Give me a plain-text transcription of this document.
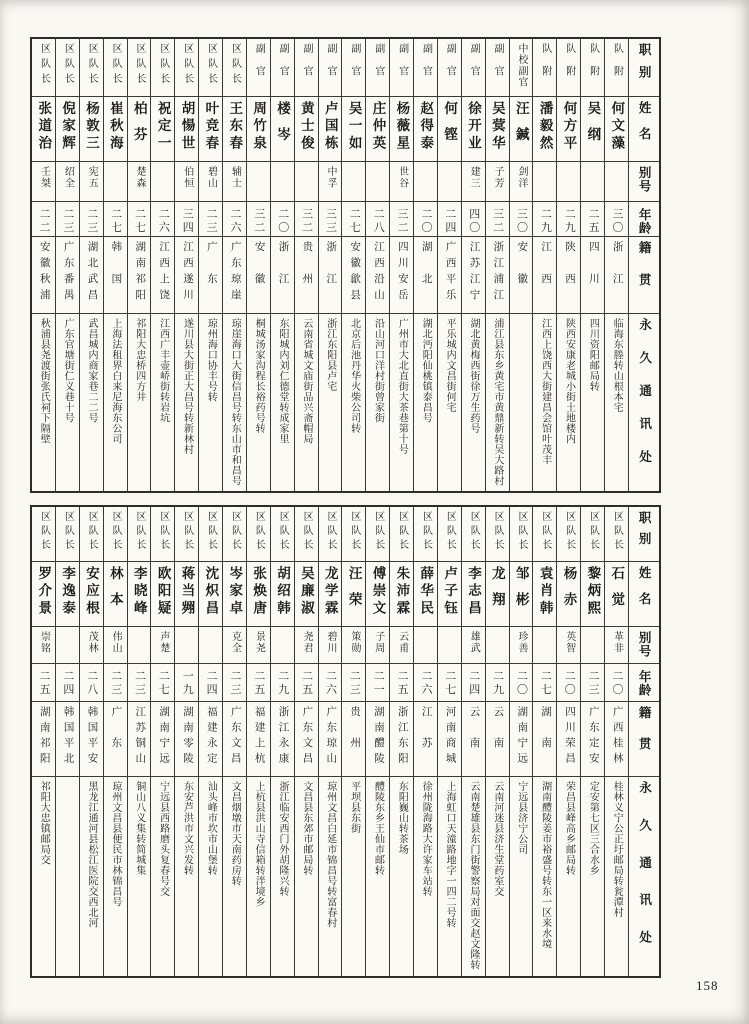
区队长
张道治
壬桀
二二
安徽秋浦
秋浦县尧渡街张氏祠下隔壁
区队长
倪家辉
绍全
二三
广东番禺
广东官塘街仁义巷十号
区队长
杨敦三
宪五
二三
湖北武昌
武昌城内商家巷二二号
区队长
崔秋海
二七
韩国
上海法租界白来尼海东公司
区队长
柏芬
楚森
二七
湖南祁阳
祁阳大忠桥四方井
区队长
祝定一
二六
江西上饶
江西广丰壶峤街转岩坑
区队长
胡愓世
伯恒
三四
江西遂川
遂川县大街正大昌号转新林村
区队长
叶竞春
碧山
二三
广东
琼州海口协丰号转
区队长
王东春
辅士
二六
广东琼崖
琼崖海口大街信昌号转东山市和昌号
副官
周竹泉
三二
安徽
桐城汤家沟程长裕药号转
副官
楼岑
二〇
浙江
东阳城内刘仁德堂转成家里
副官
黄士俊
三二
贵州
云南省城文庙街品兴斋帽局
副官
卢国栋
中孚
三三
浙江
浙江东阳县卢宅
副官
吴一如
二七
安徽歙县
北京后池丹华火柴公司转
副官
庄仲英
二八
江西沿山
沿山河口洋村街曾家街
副官
杨薇星
世谷
三二
四川安岳
广州市大北直街大茶巷第十号
副官
赵得泰
二〇
湖北
湖北沔阳仙桃镇泰昌号
副官
何铿
二四
广西平乐
平乐城内文昌街何宅
副官
徐开业
建三
四〇
江苏江宁
湖北黄梅西街徐万生药号
副官
吴蓂华
子芳
三二
浙江浦江
浦江县东乡黄宅市黄鼎新转吴大路村
中校副官
汪鍼
剑洋
三〇
安徽
队附
潘毅然
二九
江西
江西上饶西大街建昌会馆叶茂丰
队附
何方平
二九
陕西
陕西安康老城小街土地楼内
队附
吴纲
二五
四川
四川资阳邮局转
队附
何文藻
三〇
浙江
临海东塍转山根本宅
职别
姓名
别号
年龄
籍贯
永久通讯处
区队长
罗介景
崇铭
二五
湖南祁阳
祁阳大忠镇邮局交
区队长
李逸泰
二四
韩国平北
区队长
安应根
茂林
二八
韩国平安
黑龙江通河县松江医院交西北河
区队长
林本
伟山
二三
广东
琼州文昌县便民市林锦昌号
区队长
李晓峰
二三
江苏铜山
铜山八义集转简城集
区队长
欧阳疑
声楚
二七
湖南宁远
宁远县西路磨头复春号交
区队长
蒋当翙
一九
湖南零陵
东安芦洪市文兴发转
区队长
沈炽昌
二四
福建永定
汕头峰市坎市山堡转
区队长
岑家卓
克全
二三
广东文昌
文昌烟墩市天南药房转
区队长
张焕唐
景尧
二五
福建上杭
上杭县洪山寺信箱转泮境乡
区队长
胡绍韩
二九
浙江永康
浙江临安西门外胡隆兴转
区队长
吴廉淑
尧君
二五
广东文昌
文昌县东郊市邮局转
区队长
龙学霖
碧川
二六
广东琼山
琼州文昌白延市锦昌号转富春村
区队长
汪荣
策勋
二三
贵州
平坝县东街
区队长
傅崇文
子周
二一
湖南醴陵
醴陵东乡王仙市邮转
区队长
朱沛霖
云甫
二五
浙江东阳
东阳巍山转茶场
区队长
薛华民
二六
江苏
徐州陇海路大许家车站转
区队长
卢子钰
二七
河南商城
上海虹口天潼路地字一四二号转
区队长
李志昌
雄武
二四
云南
云南楚雄县东门街警察局对面交赵文隆转
区队长
龙翔
二九
云南
云南河迷县济生堂药室交
区队长
邹彬
珍善
二〇
湖南宁远
宁远县济宁公司
区队长
袁肖韩
二七
湖南
湖南醴陵姜市裕盛号转东一区来水境
区队长
杨赤
英智
二〇
四川荣昌
荣昌县峰高乡邮局转
区队长
黎炳熙
二三
广东定安
定安第七区三合水乡
区队长
石觉
革非
二〇
广西桂林
桂林义宁公正圩邮局转瓮潭村
职别
姓名
别号
年龄
籍贯
永久通讯处
158
